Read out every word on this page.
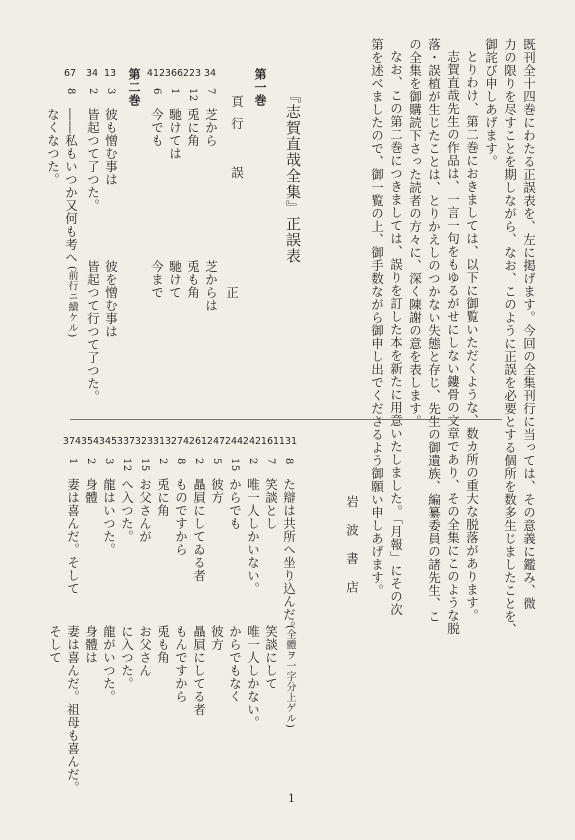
既刊全十四巻にわたる正誤表を、左に掲げます。今回の全集刊行に当っては、その意義に鑑み、微
力の限りを尽すことを期しながら、なお、このように正誤を必要とする個所を数多生じましたことを、
御詫び申しあげます。
とりわけ、第二巻におきましては、以下に御覧いただくような、数カ所の重大な脱落があります。
志賀直哉先生の作品は、一言一句をもゆるがせにしない鏤骨の文章であり、その全集にこのような脱
落・誤植が生じたことは、とりかえしのつかない失態と存じ、先生の御遺族、編纂委員の諸先生、こ
の全集を御購読下さった読者の方々に、深く陳謝の意を表します。
なお、この第二巻につきましては、誤りを訂した本を新たに用意いたしました。「月報」にその次
第を述べましたので、御一覧の上、御手数ながら御申し出でくださるよう御願い申しあげます。
岩 波 書 店
『志賀直哉全集』正誤表
第一巻
頁
行
誤
正
34
7
芝から
芝からは
223
12
兎に角
兎も角
366
1
馳けては
馳けて
412
6
今でも
今まで
第二巻
13
3
彼も憎む事は
彼を憎む事は
34
2
皆起つて了つた。
皆起つて行つて了つた。
67
8
――私もいつか又何も考へ
(前行ニ續ケル)
なくなつた。
131
8
た辯は共所へ坐り込んだ。
(全體ヲ一字分上ゲル)
161
7
笑談とし
笑談にして
242
2
唯一人しかいない。
唯一人しかない。
244
15
からでも
からでもなく
247
5
彼方
彼方
261
2
贔屓にしてゐる者
贔屓にしてる者
274
8
ものですから
もんですから
313
2
兎に角
兎も角
323
15
お父さんが
お父さん
337
12
へ入つた。
に入つた。
345
3
龍はいつた。
龍がいつた。
354
2
身體
身體は
374
1
妻は喜んだ。そして
妻は喜んだ。祖母も喜んだ。
そして
1
